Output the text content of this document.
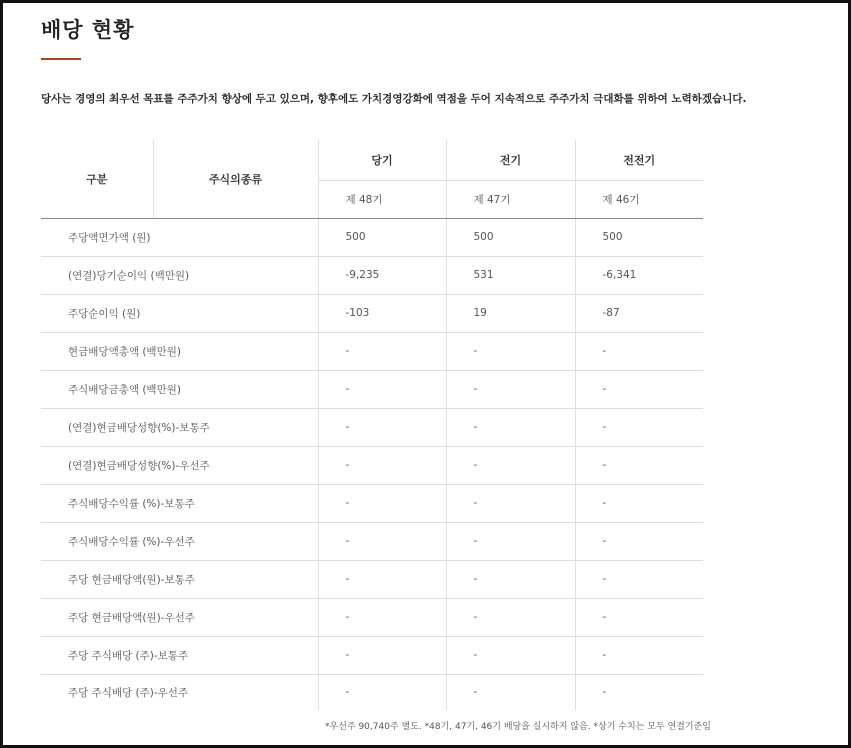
배당 현황

당사는 경영의 최우선 목표를 주주가치 향상에 두고 있으며, 향후에도 가치경영강화에 역점을 두어 지속적으로 주주가치 극대화를 위하여 노력하겠습니다.

구분	주식의종류	당기	전기	전전기
		제 48기	제 47기	제 46기
주당액면가액 (원)		500	500	500
(연결)당기순이익 (백만원)		-9,235	531	-6,341
주당순이익 (원)		-103	19	-87
현금배당액총액 (백만원)		-	-	-
주식배당금총액 (백만원)		-	-	-
(연결)현금배당성향(%)-보통주		-	-	-
(연결)현금배당성향(%)-우선주		-	-	-
주식배당수익률 (%)-보통주		-	-	-
주식배당수익률 (%)-우선주		-	-	-
주당 현금배당액(원)-보통주		-	-	-
주당 현금배당액(원)-우선주		-	-	-
주당 주식배당 (주)-보통주		-	-	-
주당 주식배당 (주)-우선주		-	-	-

*우선주 90,740주 별도. *48기, 47기, 46기 배당을 실시하지 않음. *상기 수치는 모두 연결기준임
